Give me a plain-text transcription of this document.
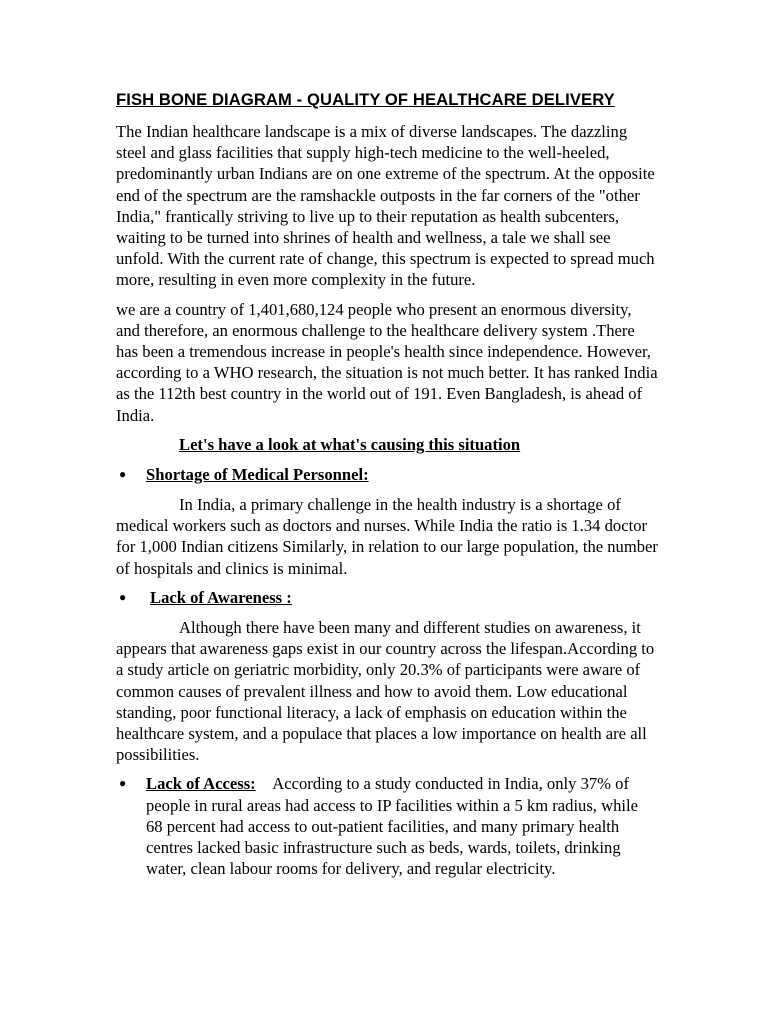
FISH BONE DIAGRAM - QUALITY OF HEALTHCARE DELIVERY

The Indian healthcare landscape is a mix of diverse landscapes. The dazzling steel and glass facilities that supply high-tech medicine to the well-heeled, predominantly urban Indians are on one extreme of the spectrum. At the opposite end of the spectrum are the ramshackle outposts in the far corners of the "other India," frantically striving to live up to their reputation as health subcenters, waiting to be turned into shrines of health and wellness, a tale we shall see unfold. With the current rate of change, this spectrum is expected to spread much more, resulting in even more complexity in the future.

we are a country of 1,401,680,124 people who present an enormous diversity, and therefore, an enormous challenge to the healthcare delivery system .There has been a tremendous increase in people's health since independence. However, according to a WHO research, the situation is not much better. It has ranked India as the 112th best country in the world out of 191. Even Bangladesh, is ahead of India.

Let's have a look at what's causing this situation
●	Shortage of Medical Personnel:

In India, a primary challenge in the health industry is a shortage of medical workers such as doctors and nurses. While India the ratio is 1.34 doctor for 1,000 Indian citizens Similarly, in relation to our large population, the number of hospitals and clinics is minimal.

●	Lack of Awareness :

Although there have been many and different studies on awareness, it appears that awareness gaps exist in our country across the lifespan.According to a study article on geriatric morbidity, only 20.3% of participants were aware of common causes of prevalent illness and how to avoid them. Low educational standing, poor functional literacy, a lack of emphasis on education within the healthcare system, and a populace that places a low importance on health are all possibilities.

●	Lack of Access: According to a study conducted in India, only 37% of people in rural areas had access to IP facilities within a 5 km radius, while 68 percent had access to out-patient facilities, and many primary health centres lacked basic infrastructure such as beds, wards, toilets, drinking water, clean labour rooms for delivery, and regular electricity.
